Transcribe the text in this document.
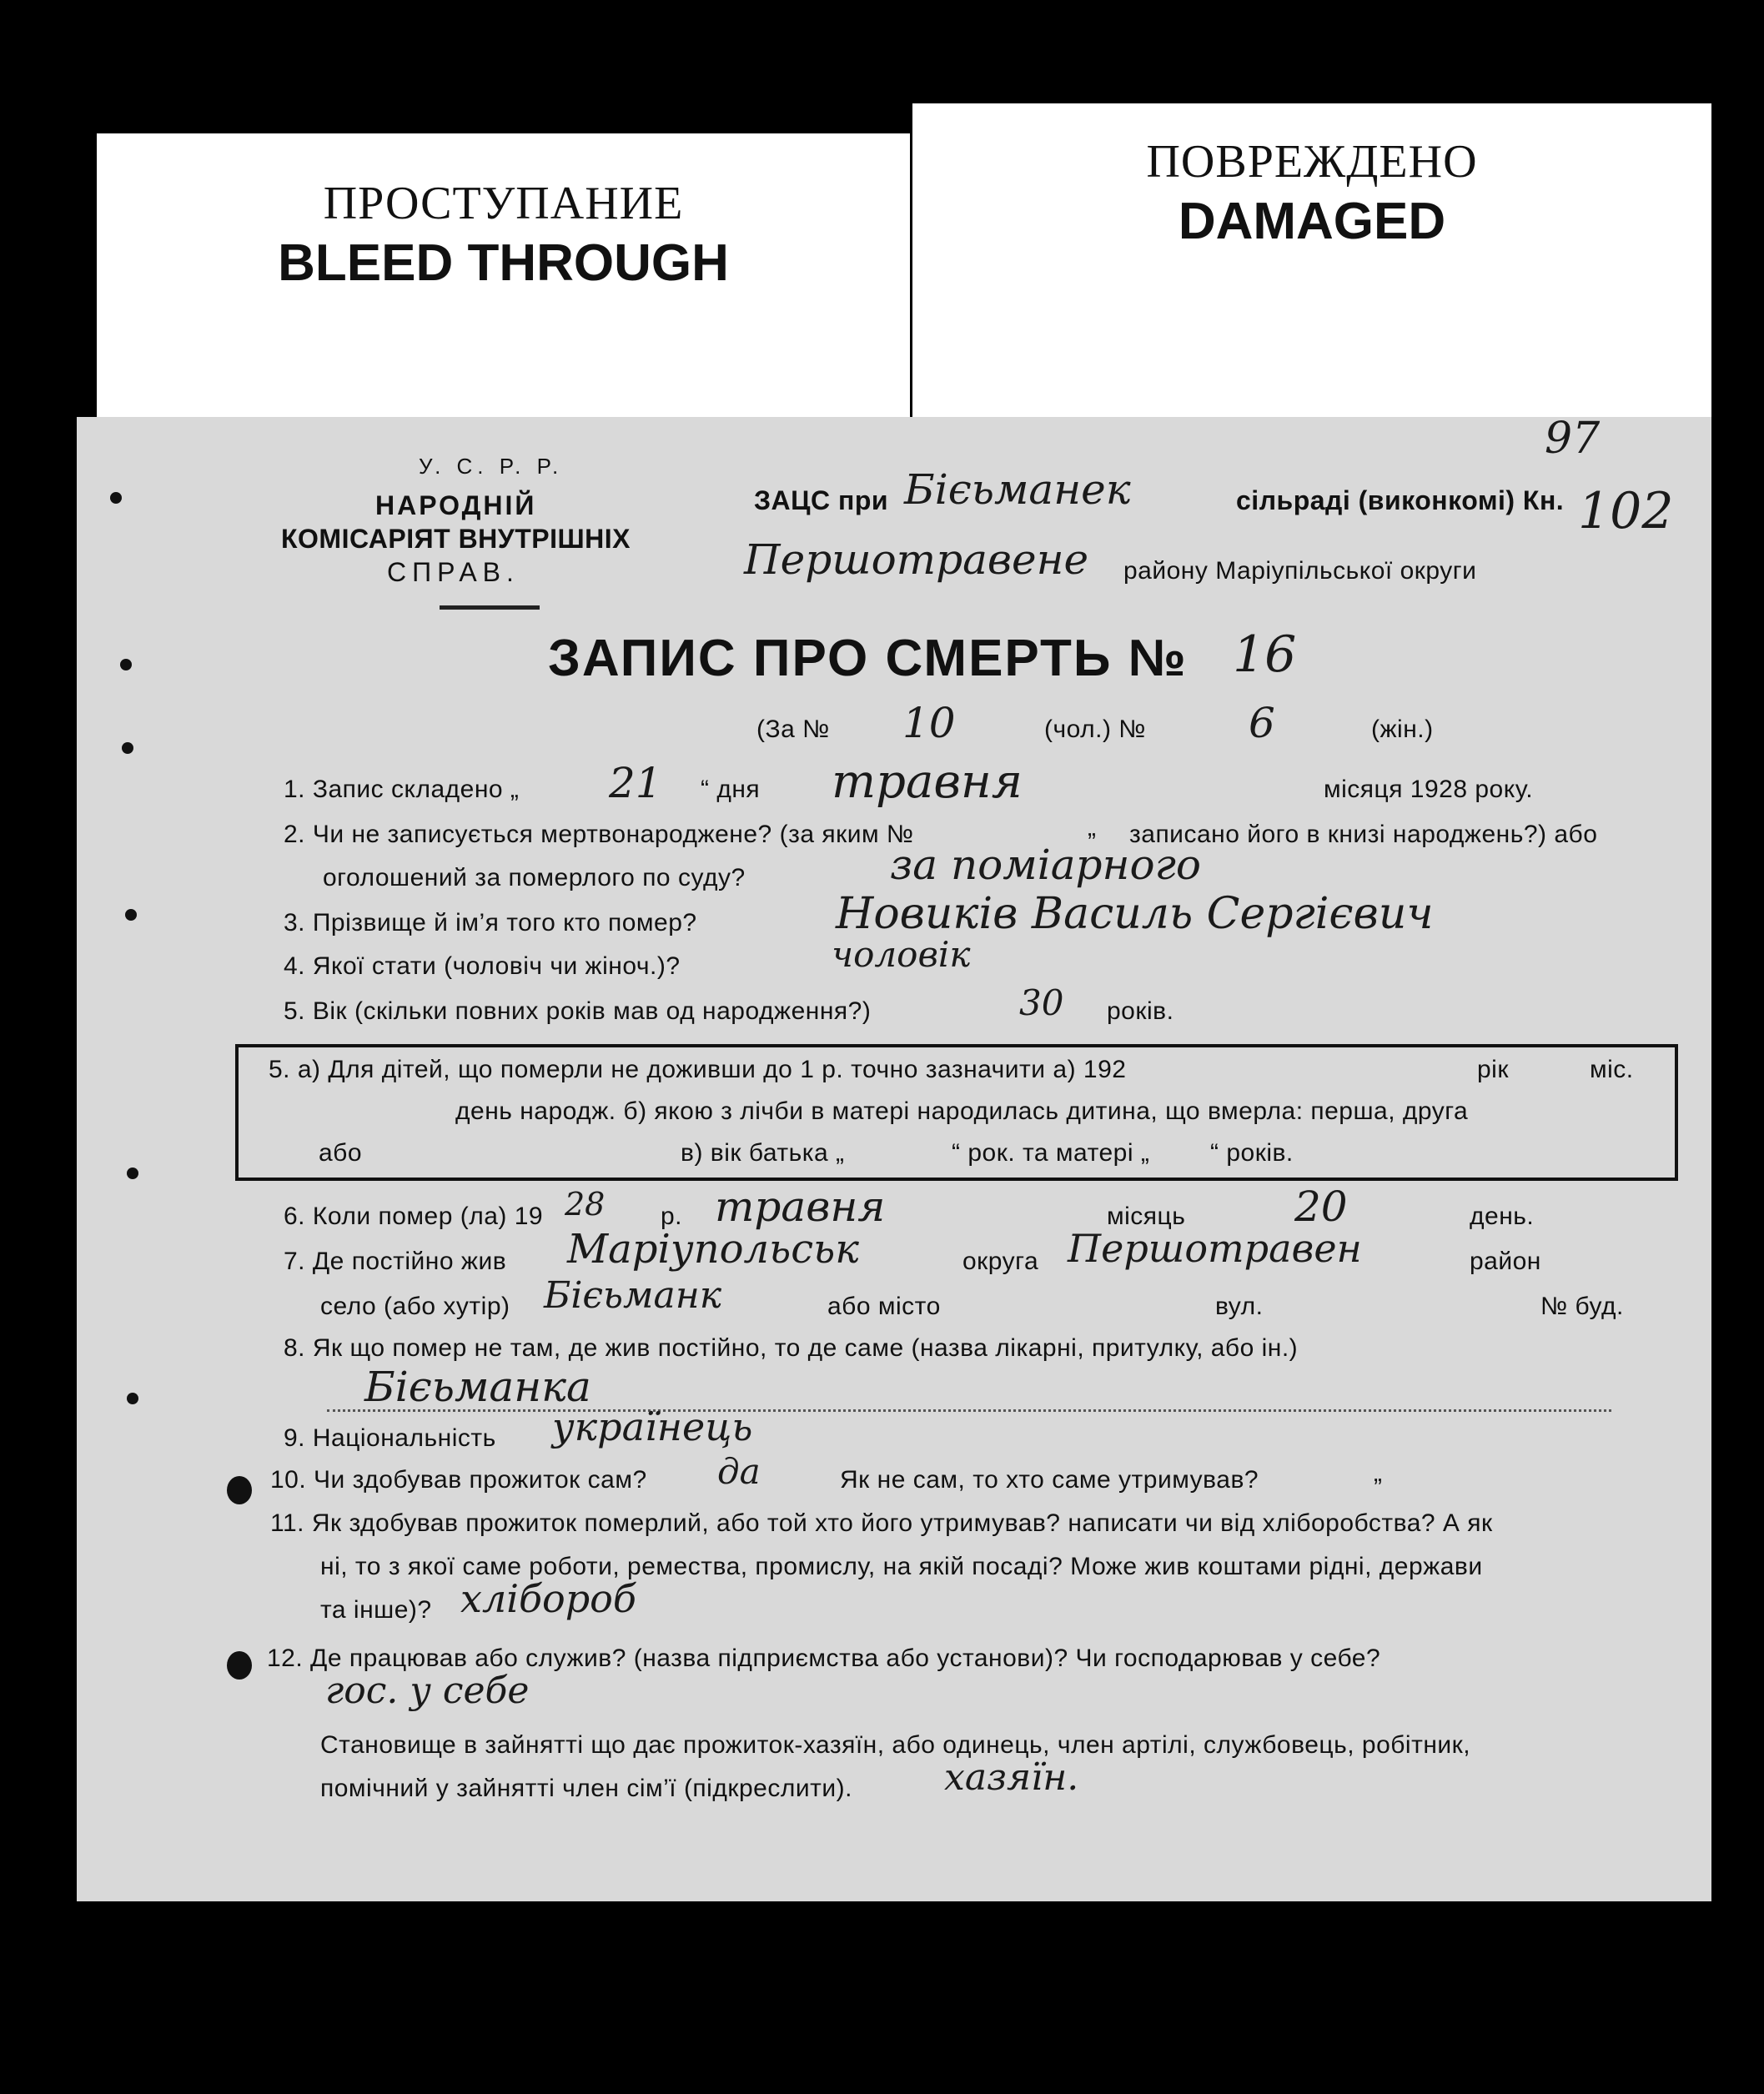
ПРОСТУПАНИЕ
BLEED THROUGH
ПОВРЕЖДЕНО
DAMAGED
У. С. Р. Р.
НАРОДНІЙ
КОМІСАРІЯТ ВНУТРІШНІХ
СПРАВ.
ЗАЦС при Бієьманек	сільраді (виконкомі) Кн. 102
97
Першотравене району Маріупільської округи
ЗАПИС ПРО СМЕРТЬ № 16
(За № 10	(чол.) № 6	(жін.)
1. Запис складено „ 21 “ дня травня	місяця 1928 року.
2. Чи не записується мертвонароджене? (за яким №	„ записано його в книзі народжень?) або
оголошений за померлого по суду?	за поміарного
3. Прізвище й ім’я того кто помер?	Новиків Василь Сергієвич
4. Якої стати (чоловіч чи жіноч.)?	чоловік
5. Вік (скільки повних років мав од народження?)	30 років.
5. а) Для дітей, що померли не доживши до 1 р. точно зазначити а) 192	рік	міс.
день народж. б) якою з лічби в матері народилась дитина, що вмерла: перша, друга
або	в) вік батька „	“ рок. та матері „ “ років.
6. Коли помер (ла) 19 28 р. травня	місяць	20	день.
7. Де постійно жив Маріупольськ	округа Першотравен	район
село (або хутір) Бієьманк	або місто	вул.	№ буд.
8. Як що помер не там, де жив постійно, то де саме (назва лікарні, притулку, або ін.)
Бієьманка
9. Національність українець
10. Чи здобував прожиток сам? да	Як не сам, то хто саме утримував?	„
11. Як здобував прожиток померлий, або той хто його утримував? написати чи від хліборобства? А як
ні, то з якої саме роботи, ремества, промислу, на якій посаді? Може жив коштами рідні, держави
та інше)? хлібороб
12. Де працював або служив? (назва підприємства або установи)? Чи господарював у себе?
гос. у себе
Становище в зайнятті що дає прожиток-хазяїн, або одинець, член артілі, службовець, робітник,
помічний у зайнятті член сім’ї (підкреслити).	хазяїн.
